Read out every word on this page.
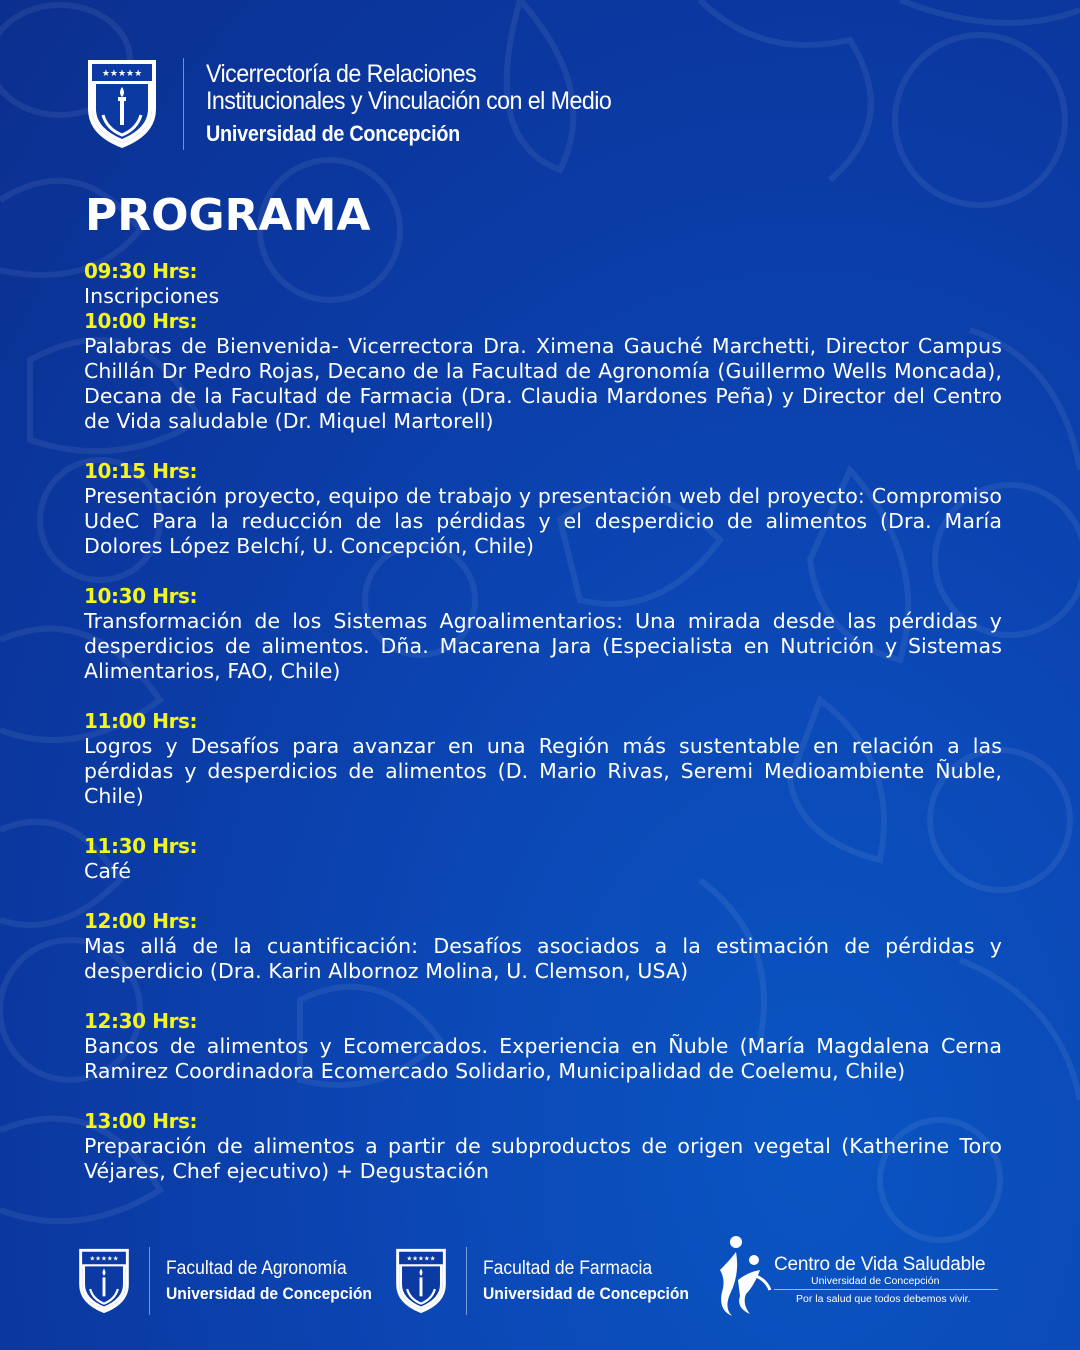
★★★★★	Vicerrectoría de Relaciones
Institucionales y Vinculación con el Medio
Universidad de Concepción
PROGRAMA
09:30 Hrs:
Inscripciones
10:00 Hrs:
Palabras de Bienvenida- Vicerrectora Dra. Ximena Gauché Marchetti, Director Campus Chillán Dr Pedro Rojas, Decano de la Facultad de Agronomía (Guillermo Wells Moncada), Decana de la Facultad de Farmacia (Dra. Claudia Mardones Peña) y Director del Centro de Vida saludable (Dr. Miquel Martorell)
10:15 Hrs:
Presentación proyecto, equipo de trabajo y presentación web del proyecto: Compromiso UdeC Para la reducción de las pérdidas y el desperdicio de alimentos (Dra. María Dolores López Belchí, U. Concepción, Chile)
10:30 Hrs:
Transformación de los Sistemas Agroalimentarios: Una mirada desde las pérdidas y desperdicios de alimentos. Dña. Macarena Jara (Especialista en Nutrición y Sistemas Alimentarios, FAO, Chile)
11:00 Hrs:
Logros y Desafíos para avanzar en una Región más sustentable en relación a las pérdidas y desperdicios de alimentos (D. Mario Rivas, Seremi Medioambiente Ñuble, Chile)
11:30 Hrs:
Café
12:00 Hrs:
Mas allá de la cuantificación: Desafíos asociados a la estimación de pérdidas y desperdicio (Dra. Karin Albornoz Molina, U. Clemson, USA)
12:30 Hrs:
Bancos de alimentos y Ecomercados. Experiencia en Ñuble (María Magdalena Cerna Ramirez Coordinadora Ecomercado Solidario, Municipalidad de Coelemu, Chile)
13:00 Hrs:
Preparación de alimentos a partir de subproductos de origen vegetal (Katherine Toro Véjares, Chef ejecutivo) + Degustación
★★★★★ Facultad de Agronomía
Universidad de Concepción
★★★★★ Facultad de Farmacia
Universidad de Concepción
Centro de Vida Saludable
Universidad de Concepción
Por la salud que todos debemos vivir.
